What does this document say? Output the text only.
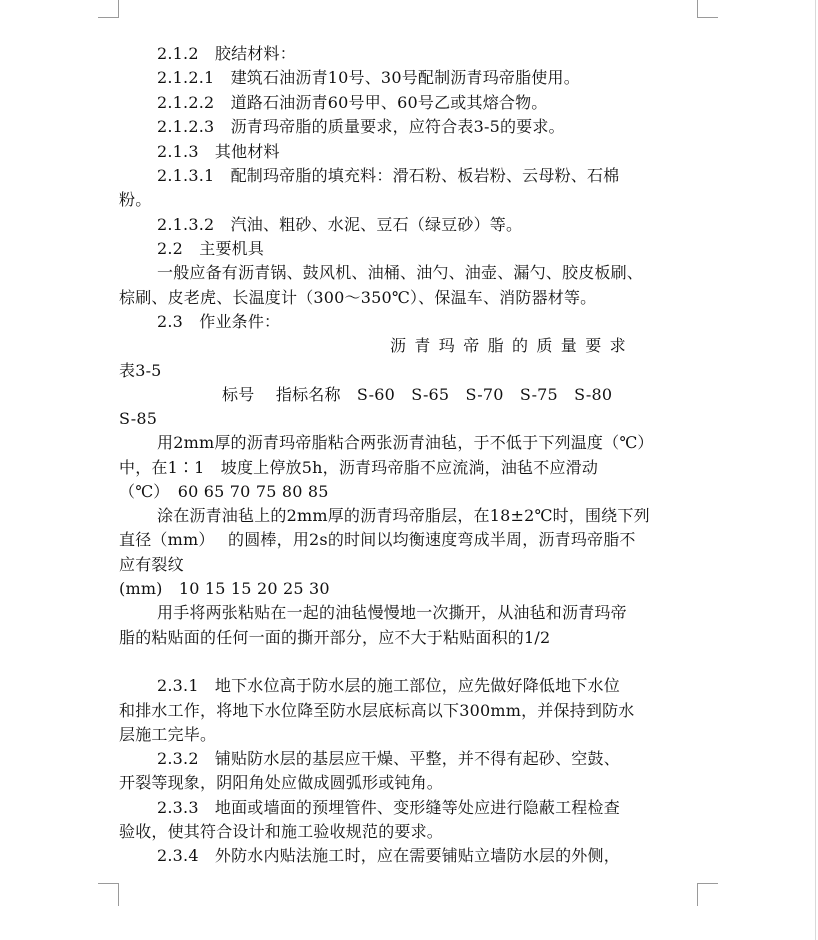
2.1.2　胶结材料：
2.1.2.1　建筑石油沥青10号、30号配制沥青玛帝脂使用。
2.1.2.2　道路石油沥青60号甲、60号乙或其熔合物。
2.1.2.3　沥青玛帝脂的质量要求，应符合表3-5的要求。
2.1.3　其他材料
2.1.3.1　配制玛帝脂的填充料：滑石粉、板岩粉、云母粉、石棉
粉。
2.1.3.2　汽油、粗砂、水泥、豆石（绿豆砂）等。
2.2　主要机具
一般应备有沥青锅、鼓风机、油桶、油勺、油壶、漏勺、胶皮板刷、
棕刷、皮老虎、长温度计（300～350℃）、保温车、消防器材等。
2.3　作业条件：
沥青玛帝脂的质量要求
表3-5
标号　 指标名称　S-60　S-65　S-70　S-75　S-80
S-85
用2mm厚的沥青玛帝脂粘合两张沥青油毡，于不低于下列温度（℃）
中，在1∶1　坡度上停放5h，沥青玛帝脂不应流淌，油毡不应滑动
（℃）　60 65 70 75 80 85
涂在沥青油毡上的2mm厚的沥青玛帝脂层，在18±2℃时，围绕下列
直径（mm）　 的圆棒，用2s的时间以均衡速度弯成半周，沥青玛帝脂不
应有裂纹
(mm)　10 15 15 20 25 30
用手将两张粘贴在一起的油毡慢慢地一次撕开，从油毡和沥青玛帝
脂的粘贴面的任何一面的撕开部分，应不大于粘贴面积的1/2
2.3.1　地下水位高于防水层的施工部位，应先做好降低地下水位
和排水工作，将地下水位降至防水层底标高以下300mm，并保持到防水
层施工完毕。
2.3.2　铺贴防水层的基层应干燥、平整，并不得有起砂、空鼓、
开裂等现象，阴阳角处应做成圆弧形或钝角。
2.3.3　地面或墙面的预埋管件、变形缝等处应进行隐蔽工程检查
验收，使其符合设计和施工验收规范的要求。
2.3.4　外防水内贴法施工时，应在需要铺贴立墙防水层的外侧，
